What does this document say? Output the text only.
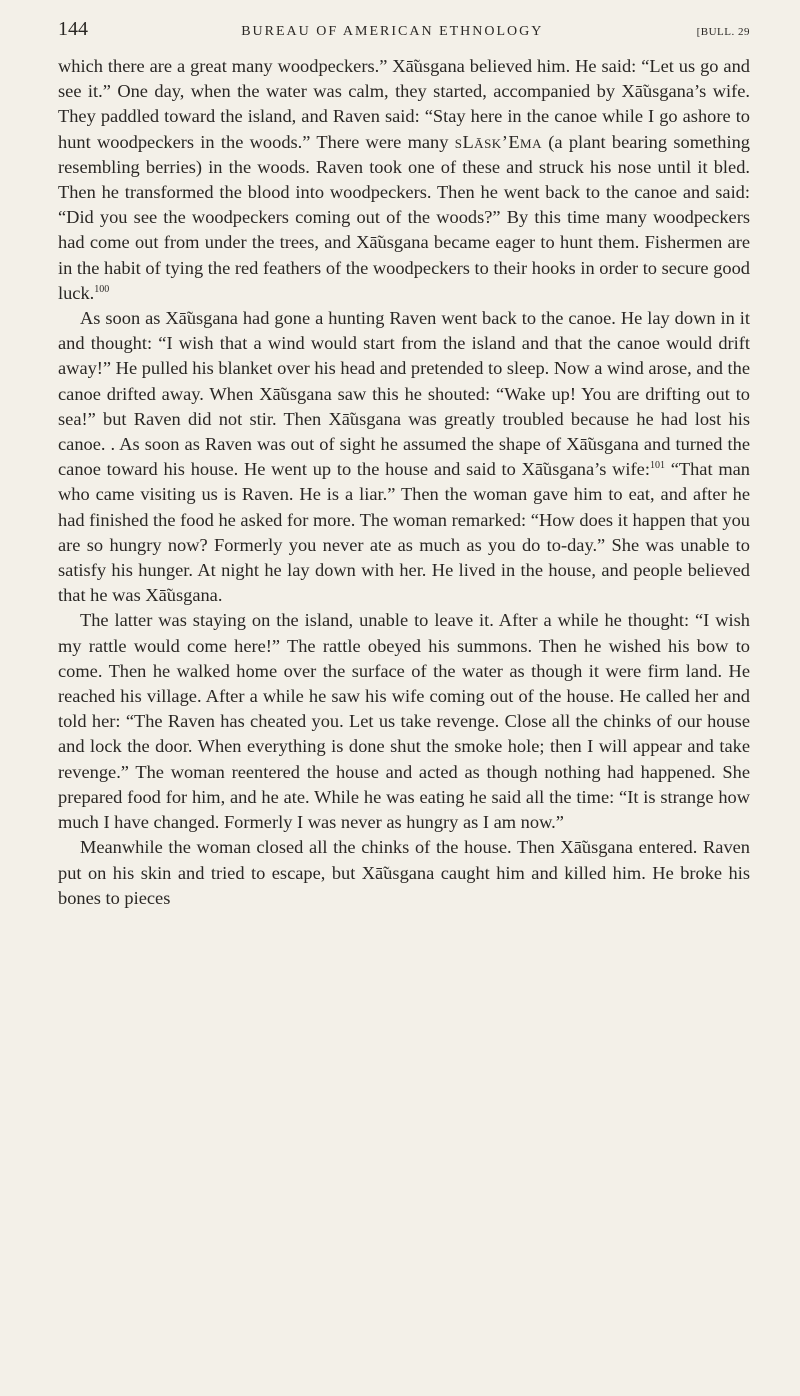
144	BUREAU OF AMERICAN ETHNOLOGY	[BULL. 29

which there are a great many woodpeckers.” Xā̃usgana believed him. He said: “Let us go and see it.” One day, when the water was calm, they started, accompanied by Xā̃usgana’s wife. They paddled toward the island, and Raven said: “Stay here in the canoe while I go ashore to hunt woodpeckers in the woods.” There were many sLāsk’Ema (a plant bearing something resembling berries) in the woods. Raven took one of these and struck his nose until it bled. Then he transformed the blood into woodpeckers. Then he went back to the canoe and said: “Did you see the woodpeckers coming out of the woods?” By this time many woodpeckers had come out from under the trees, and Xā̃usgana became eager to hunt them. Fishermen are in the habit of tying the red feathers of the woodpeckers to their hooks in order to secure good luck.$^{100}$

As soon as Xā̃usgana had gone a hunting Raven went back to the canoe. He lay down in it and thought: “I wish that a wind would start from the island and that the canoe would drift away!” He pulled his blanket over his head and pretended to sleep. Now a wind arose, and the canoe drifted away. When Xā̃usgana saw this he shouted: “Wake up! You are drifting out to sea!” but Raven did not stir. Then Xā̃usgana was greatly troubled because he had lost his canoe. . As soon as Raven was out of sight he assumed the shape of Xā̃usgana and turned the canoe toward his house. He went up to the house and said to Xā̃usgana’s wife:$^{101}$ “That man who came visiting us is Raven. He is a liar.” Then the woman gave him to eat, and after he had finished the food he asked for more. The woman remarked: “How does it happen that you are so hungry now? Formerly you never ate as much as you do to-day.” She was unable to satisfy his hunger. At night he lay down with her. He lived in the house, and people believed that he was Xā̃usgana.

The latter was staying on the island, unable to leave it. After a while he thought: “I wish my rattle would come here!” The rattle obeyed his summons. Then he wished his bow to come. Then he walked home over the surface of the water as though it were firm land. He reached his village. After a while he saw his wife coming out of the house. He called her and told her: “The Raven has cheated you. Let us take revenge. Close all the chinks of our house and lock the door. When everything is done shut the smoke hole; then I will appear and take revenge.” The woman reentered the house and acted as though nothing had happened. She prepared food for him, and he ate. While he was eating he said all the time: “It is strange how much I have changed. Formerly I was never as hungry as I am now.”

Meanwhile the woman closed all the chinks of the house. Then Xā̃usgana entered. Raven put on his skin and tried to escape, but Xā̃usgana caught him and killed him. He broke his bones to pieces
